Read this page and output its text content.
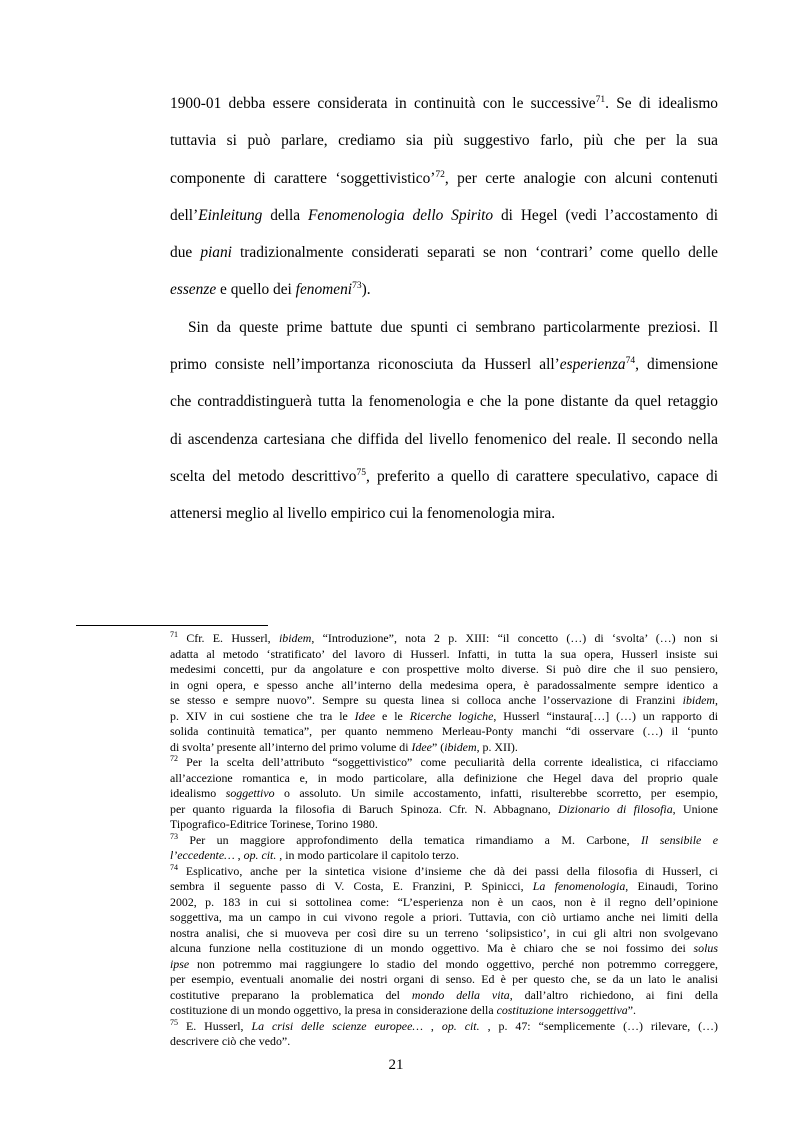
1900-01 debba essere considerata in continuità con le successive$^{71}$. Se di idealismo
tuttavia si può parlare, crediamo sia più suggestivo farlo, più che per la sua
componente di carattere ‘soggettivistico’$^{72}$, per certe analogie con alcuni contenuti
dell’Einleitung della Fenomenologia dello Spirito di Hegel (vedi l’accostamento di
due piani tradizionalmente considerati separati se non ‘contrari’ come quello delle
essenze e quello dei fenomeni$^{73}$).
Sin da queste prime battute due spunti ci sembrano particolarmente preziosi. Il
primo consiste nell’importanza riconosciuta da Husserl all’esperienza$^{74}$, dimensione
che contraddistinguerà tutta la fenomenologia e che la pone distante da quel retaggio
di ascendenza cartesiana che diffida del livello fenomenico del reale. Il secondo nella
scelta del metodo descrittivo$^{75}$, preferito a quello di carattere speculativo, capace di
attenersi meglio al livello empirico cui la fenomenologia mira.
$^{71}$ Cfr. E. Husserl, ibidem, “Introduzione”, nota 2 p. XIII: “il concetto (…) di ‘svolta’ (…) non si
adatta al metodo ‘stratificato’ del lavoro di Husserl. Infatti, in tutta la sua opera, Husserl insiste sui
medesimi concetti, pur da angolature e con prospettive molto diverse. Si può dire che il suo pensiero,
in ogni opera, e spesso anche all’interno della medesima opera, è paradossalmente sempre identico a
se stesso e sempre nuovo”. Sempre su questa linea si colloca anche l’osservazione di Franzini ibidem,
p. XIV in cui sostiene che tra le Idee e le Ricerche logiche, Husserl “instaura[…] (…) un rapporto di
solida continuità tematica”, per quanto nemmeno Merleau-Ponty manchi “di osservare (…) il ‘punto
di svolta’ presente all’interno del primo volume di Idee” (ibidem, p. XII).
$^{72}$ Per la scelta dell’attributo “soggettivistico” come peculiarità della corrente idealistica, ci rifacciamo
all’accezione romantica e, in modo particolare, alla definizione che Hegel dava del proprio quale
idealismo soggettivo o assoluto. Un simile accostamento, infatti, risulterebbe scorretto, per esempio,
per quanto riguarda la filosofia di Baruch Spinoza. Cfr. N. Abbagnano, Dizionario di filosofia, Unione
Tipografico-Editrice Torinese, Torino 1980.
$^{73}$ Per un maggiore approfondimento della tematica rimandiamo a M. Carbone, Il sensibile e
l’eccedente… , op. cit. , in modo particolare il capitolo terzo.
$^{74}$ Esplicativo, anche per la sintetica visione d’insieme che dà dei passi della filosofia di Husserl, ci
sembra il seguente passo di V. Costa, E. Franzini, P. Spinicci, La fenomenologia, Einaudi, Torino
2002, p. 183 in cui si sottolinea come: “L’esperienza non è un caos, non è il regno dell’opinione
soggettiva, ma un campo in cui vivono regole a priori. Tuttavia, con ciò urtiamo anche nei limiti della
nostra analisi, che si muoveva per così dire su un terreno ‘solipsistico’, in cui gli altri non svolgevano
alcuna funzione nella costituzione di un mondo oggettivo. Ma è chiaro che se noi fossimo dei solus
ipse non potremmo mai raggiungere lo stadio del mondo oggettivo, perché non potremmo correggere,
per esempio, eventuali anomalie dei nostri organi di senso. Ed è per questo che, se da un lato le analisi
costitutive preparano la problematica del mondo della vita, dall’altro richiedono, ai fini della
costituzione di un mondo oggettivo, la presa in considerazione della costituzione intersoggettiva”.
$^{75}$ E. Husserl, La crisi delle scienze europee… , op. cit. , p. 47: “semplicemente (…) rilevare, (…)
descrivere ciò che vedo”.
21
